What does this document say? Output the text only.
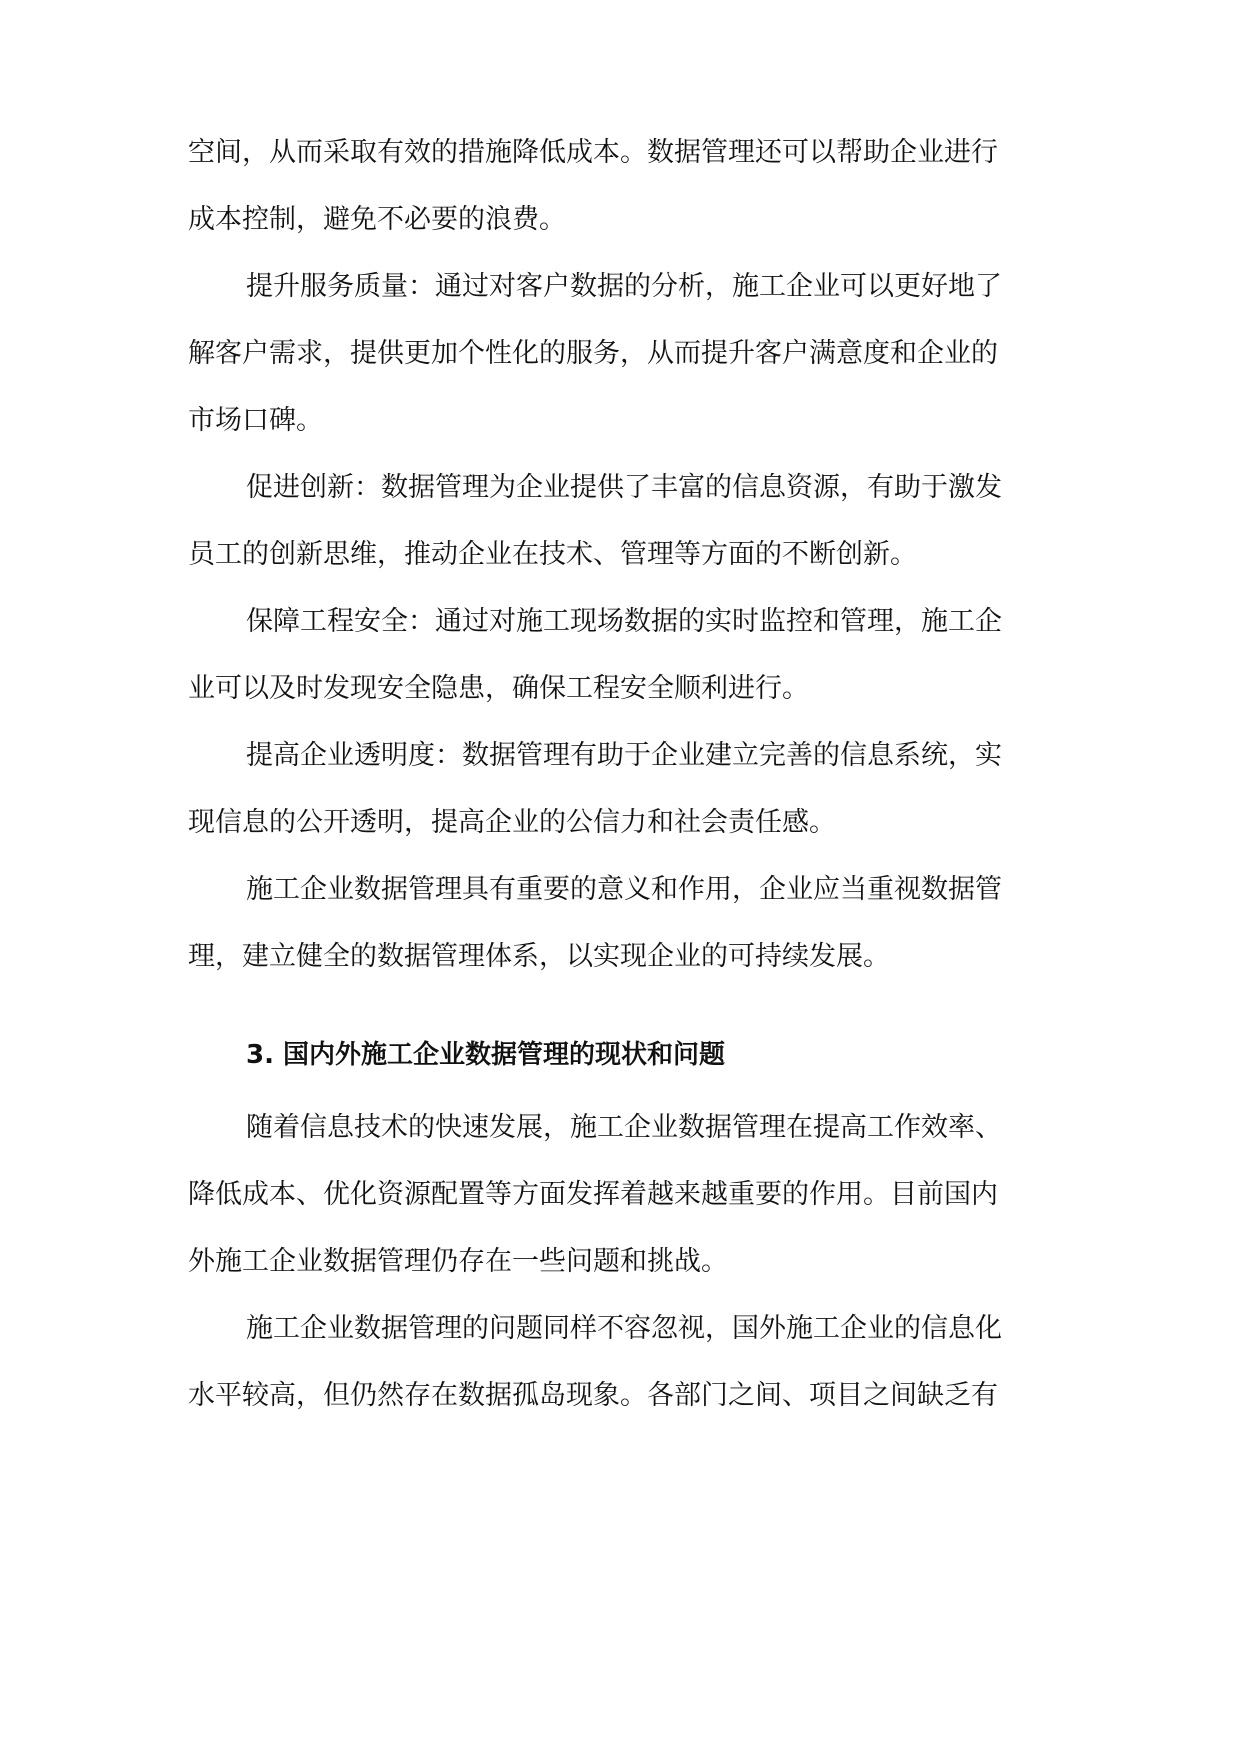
空间，从而采取有效的措施降低成本。数据管理还可以帮助企业进行
成本控制，避免不必要的浪费。
提升服务质量：通过对客户数据的分析，施工企业可以更好地了
解客户需求，提供更加个性化的服务，从而提升客户满意度和企业的
市场口碑。
促进创新：数据管理为企业提供了丰富的信息资源，有助于激发
员工的创新思维，推动企业在技术、管理等方面的不断创新。
保障工程安全：通过对施工现场数据的实时监控和管理，施工企
业可以及时发现安全隐患，确保工程安全顺利进行。
提高企业透明度：数据管理有助于企业建立完善的信息系统，实
现信息的公开透明，提高企业的公信力和社会责任感。
施工企业数据管理具有重要的意义和作用，企业应当重视数据管
理，建立健全的数据管理体系，以实现企业的可持续发展。
3. 国内外施工企业数据管理的现状和问题
随着信息技术的快速发展，施工企业数据管理在提高工作效率、
降低成本、优化资源配置等方面发挥着越来越重要的作用。目前国内
外施工企业数据管理仍存在一些问题和挑战。
施工企业数据管理的问题同样不容忽视，国外施工企业的信息化
水平较高，但仍然存在数据孤岛现象。各部门之间、项目之间缺乏有
